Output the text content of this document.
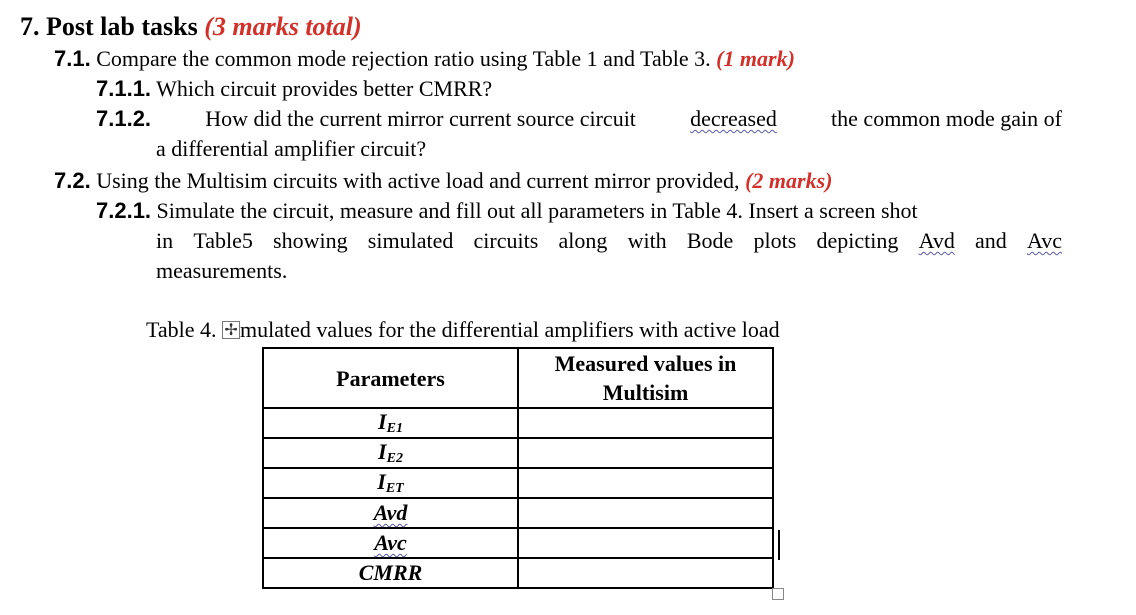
7. Post lab tasks (3 marks total)
7.1. Compare the common mode rejection ratio using Table 1 and Table 3. (1 mark)
7.1.1. Which circuit provides better CMRR?
7.1.2. How did the current mirror current source circuit decreased the common mode gain of
a differential amplifier circuit?
7.2. Using the Multisim circuits with active load and current mirror provided, (2 marks)
7.2.1. Simulate the circuit, measure and fill out all parameters in Table 4. Insert a screen shot
in Table5 showing simulated circuits along with Bode plots depicting Avd and Avc
measurements.
Table 4. ✢ mulated values for the differential amplifiers with active load
Parameters	Measured values in
Multisim

$I_{E1}$	
$I_{E2}$	
$I_{ET}$	
Avd	
Avc	
CMRR	
